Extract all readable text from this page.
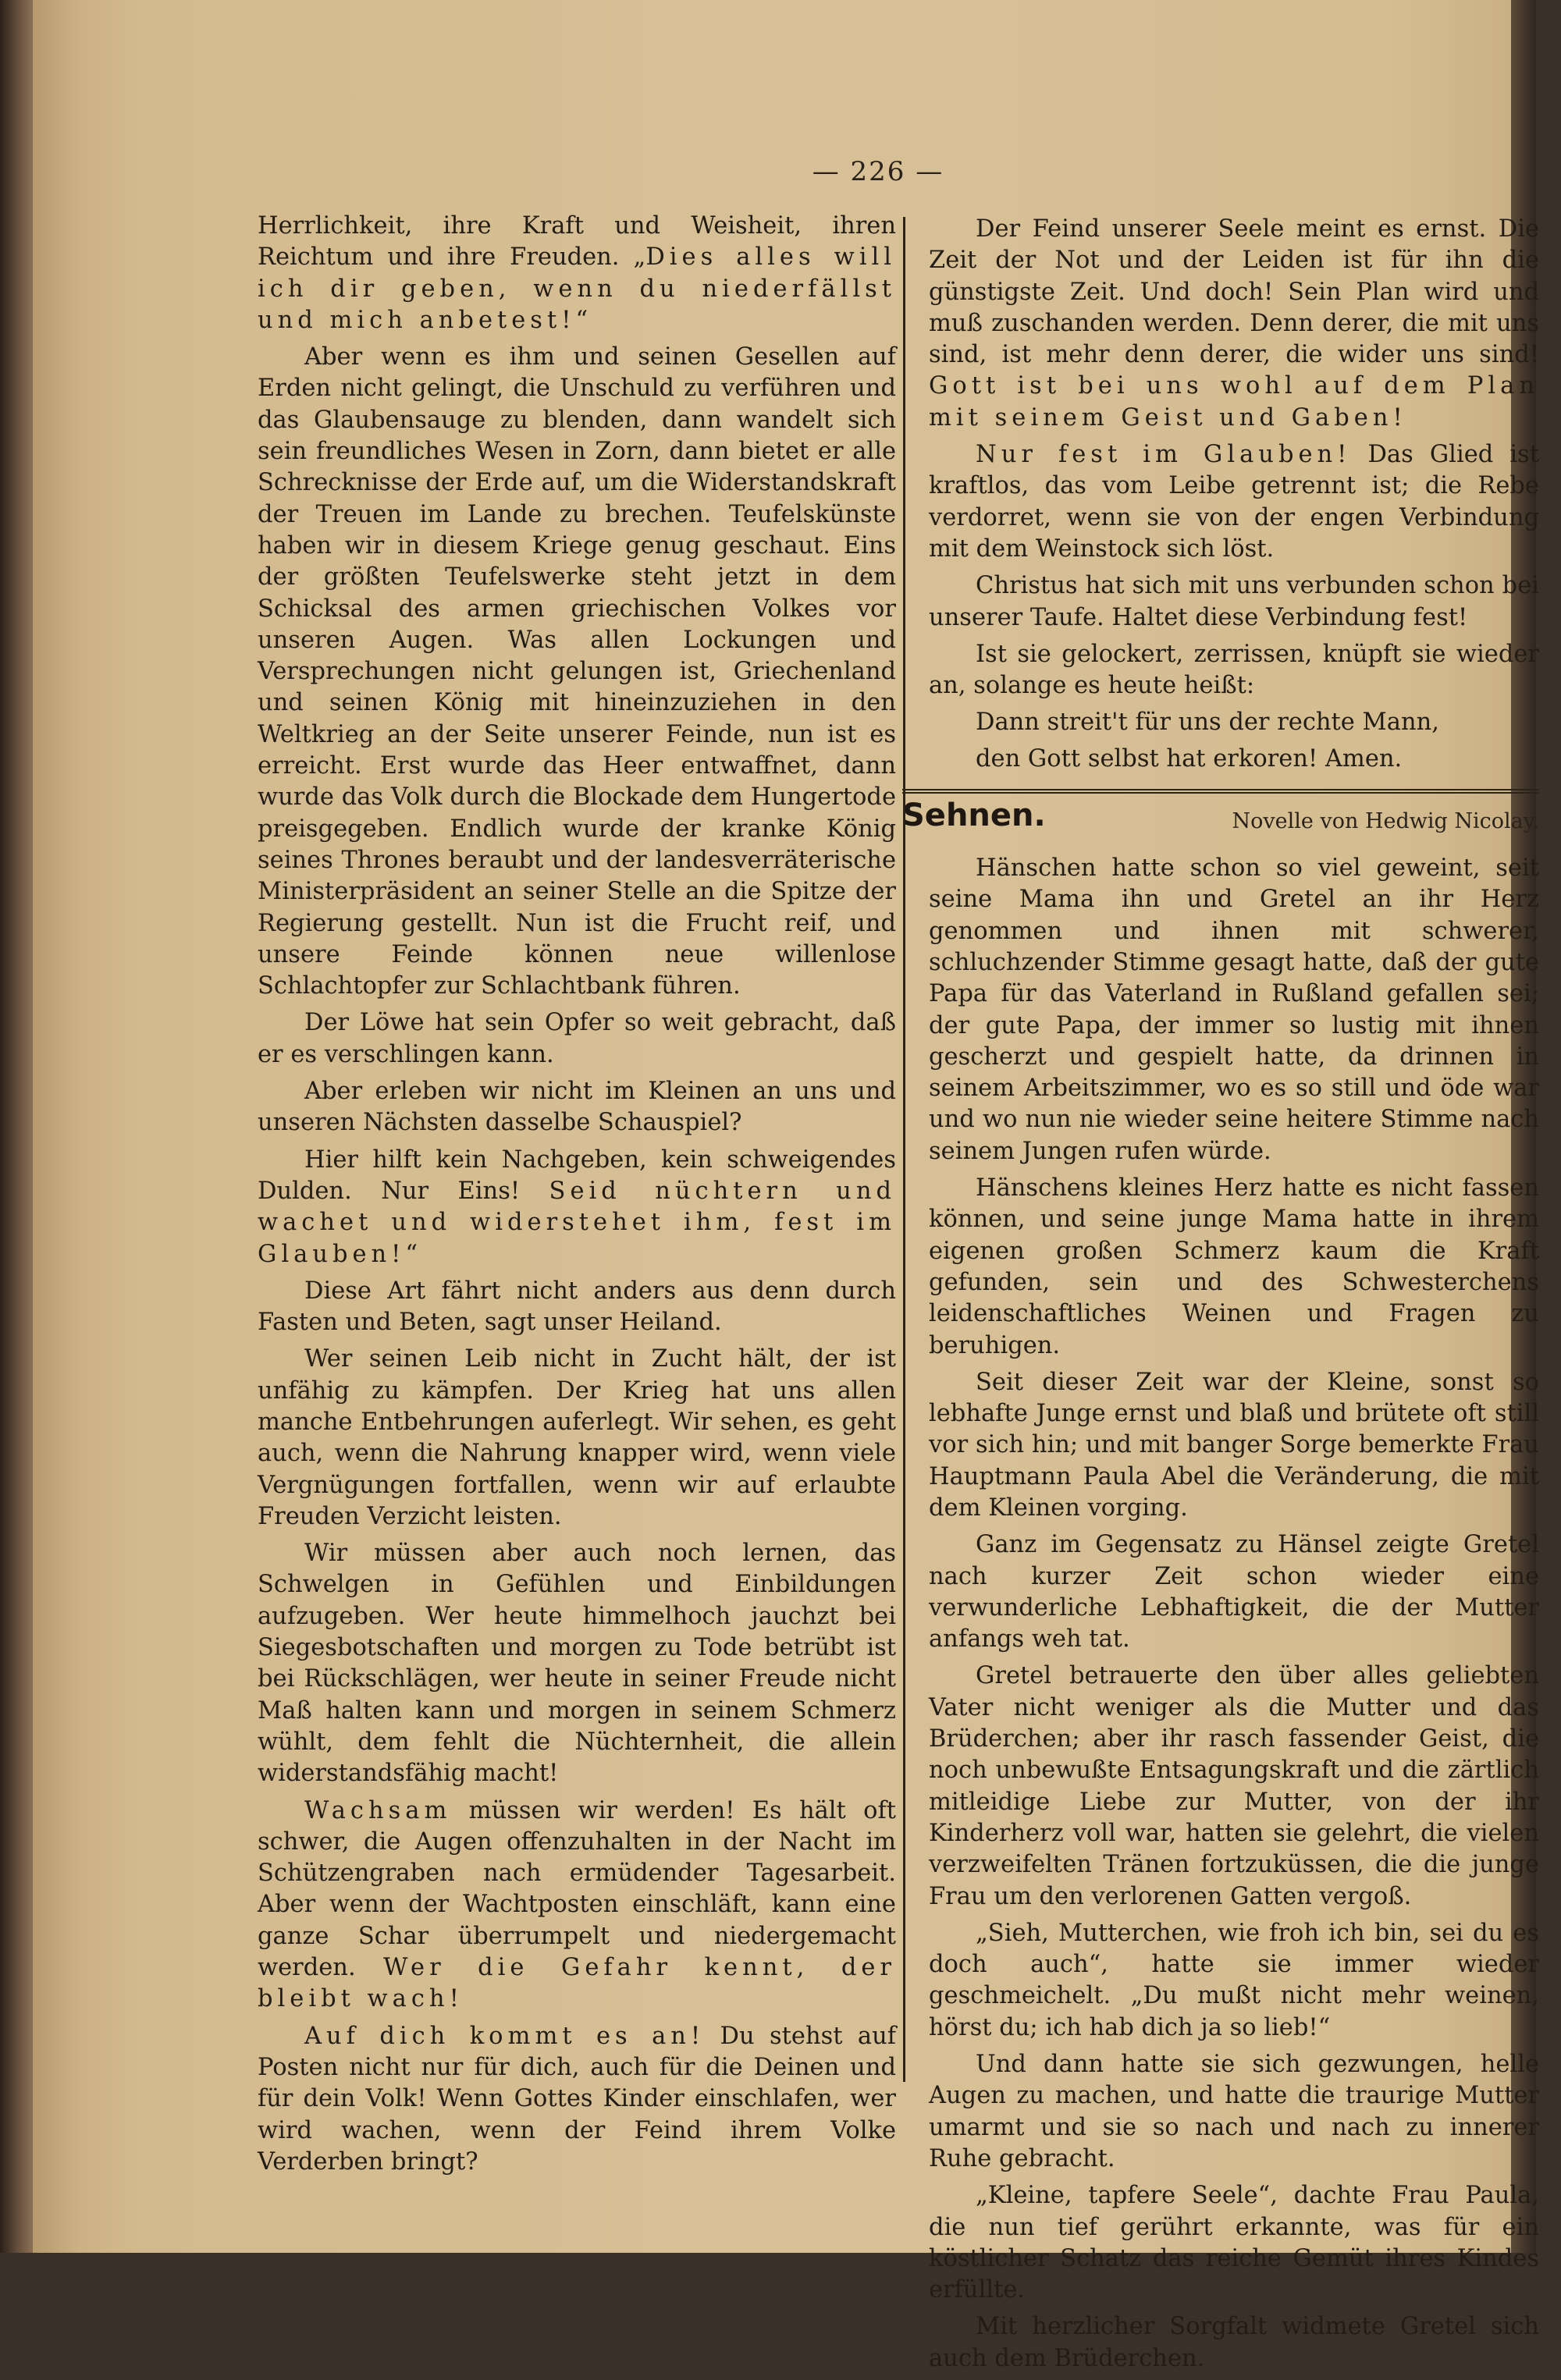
— 226 —

Herrlichkeit, ihre Kraft und Weisheit, ihren Reichtum und ihre Freuden. „Dies alles will ich dir geben, wenn du niederfällst und mich anbetest!“

Aber wenn es ihm und seinen Gesellen auf Erden nicht gelingt, die Unschuld zu verführen und das Glaubensauge zu blenden, dann wandelt sich sein freundliches Wesen in Zorn, dann bietet er alle Schrecknisse der Erde auf, um die Widerstandskraft der Treuen im Lande zu brechen. Teufelskünste haben wir in diesem Kriege genug geschaut. Eins der größten Teufelswerke steht jetzt in dem Schicksal des armen griechischen Volkes vor unseren Augen. Was allen Lockungen und Versprechungen nicht gelungen ist, Griechenland und seinen König mit hineinzuziehen in den Weltkrieg an der Seite unserer Feinde, nun ist es erreicht. Erst wurde das Heer entwaffnet, dann wurde das Volk durch die Blockade dem Hungertode preisgegeben. Endlich wurde der kranke König seines Thrones beraubt und der landesverräterische Ministerpräsident an seiner Stelle an die Spitze der Regierung gestellt. Nun ist die Frucht reif, und unsere Feinde können neue willenlose Schlachtopfer zur Schlachtbank führen.

Der Löwe hat sein Opfer so weit gebracht, daß er es verschlingen kann.

Aber erleben wir nicht im Kleinen an uns und unseren Nächsten dasselbe Schauspiel?

Hier hilft kein Nachgeben, kein schweigendes Dulden. Nur Eins! Seid nüchtern und wachet und widerstehet ihm, fest im Glauben!“

Diese Art fährt nicht anders aus denn durch Fasten und Beten, sagt unser Heiland.

Wer seinen Leib nicht in Zucht hält, der ist unfähig zu kämpfen. Der Krieg hat uns allen manche Entbehrungen auferlegt. Wir sehen, es geht auch, wenn die Nahrung knapper wird, wenn viele Vergnügungen fortfallen, wenn wir auf erlaubte Freuden Verzicht leisten.

Wir müssen aber auch noch lernen, das Schwelgen in Gefühlen und Einbildungen aufzugeben. Wer heute himmelhoch jauchzt bei Siegesbotschaften und morgen zu Tode betrübt ist bei Rückschlägen, wer heute in seiner Freude nicht Maß halten kann und morgen in seinem Schmerz wühlt, dem fehlt die Nüchternheit, die allein widerstandsfähig macht!

Wachsam müssen wir werden! Es hält oft schwer, die Augen offenzuhalten in der Nacht im Schützengraben nach ermüdender Tagesarbeit. Aber wenn der Wachtposten einschläft, kann eine ganze Schar überrumpelt und niedergemacht werden. Wer die Gefahr kennt, der bleibt wach!

Auf dich kommt es an! Du stehst auf Posten nicht nur für dich, auch für die Deinen und für dein Volk! Wenn Gottes Kinder einschlafen, wer wird wachen, wenn der Feind ihrem Volke Verderben bringt?

Der Feind unserer Seele meint es ernst. Die Zeit der Not und der Leiden ist für ihn die günstigste Zeit. Und doch! Sein Plan wird und muß zuschanden werden. Denn derer, die mit uns sind, ist mehr denn derer, die wider uns sind! Gott ist bei uns wohl auf dem Plan mit seinem Geist und Gaben!

Nur fest im Glauben! Das Glied ist kraftlos, das vom Leibe getrennt ist; die Rebe verdorret, wenn sie von der engen Verbindung mit dem Weinstock sich löst.

Christus hat sich mit uns verbunden schon bei unserer Taufe. Haltet diese Verbindung fest!

Ist sie gelockert, zerrissen, knüpft sie wieder an, solange es heute heißt:

Dann streit't für uns der rechte Mann,

den Gott selbst hat erkoren! Amen.

Sehnen.	Novelle von Hedwig Nicolay.

Hänschen hatte schon so viel geweint, seit seine Mama ihn und Gretel an ihr Herz genommen und ihnen mit schwerer, schluchzender Stimme gesagt hatte, daß der gute Papa für das Vaterland in Rußland gefallen sei; der gute Papa, der immer so lustig mit ihnen gescherzt und gespielt hatte, da drinnen in seinem Arbeitszimmer, wo es so still und öde war und wo nun nie wieder seine heitere Stimme nach seinem Jungen rufen würde.

Hänschens kleines Herz hatte es nicht fassen können, und seine junge Mama hatte in ihrem eigenen großen Schmerz kaum die Kraft gefunden, sein und des Schwesterchens leidenschaftliches Weinen und Fragen zu beruhigen.

Seit dieser Zeit war der Kleine, sonst so lebhafte Junge ernst und blaß und brütete oft still vor sich hin; und mit banger Sorge bemerkte Frau Hauptmann Paula Abel die Veränderung, die mit dem Kleinen vorging.

Ganz im Gegensatz zu Hänsel zeigte Gretel nach kurzer Zeit schon wieder eine verwunderliche Lebhaftigkeit, die der Mutter anfangs weh tat.

Gretel betrauerte den über alles geliebten Vater nicht weniger als die Mutter und das Brüderchen; aber ihr rasch fassender Geist, die noch unbewußte Entsagungskraft und die zärtlich mitleidige Liebe zur Mutter, von der ihr Kinderherz voll war, hatten sie gelehrt, die vielen verzweifelten Tränen fortzuküssen, die die junge Frau um den verlorenen Gatten vergoß.

„Sieh, Mutterchen, wie froh ich bin, sei du es doch auch“, hatte sie immer wieder geschmeichelt. „Du mußt nicht mehr weinen, hörst du; ich hab dich ja so lieb!“

Und dann hatte sie sich gezwungen, helle Augen zu machen, und hatte die traurige Mutter umarmt und sie so nach und nach zu innerer Ruhe gebracht.

„Kleine, tapfere Seele“, dachte Frau Paula, die nun tief gerührt erkannte, was für ein köstlicher Schatz das reiche Gemüt ihres Kindes erfüllte.

Mit herzlicher Sorgfalt widmete Gretel sich auch dem Brüderchen.
